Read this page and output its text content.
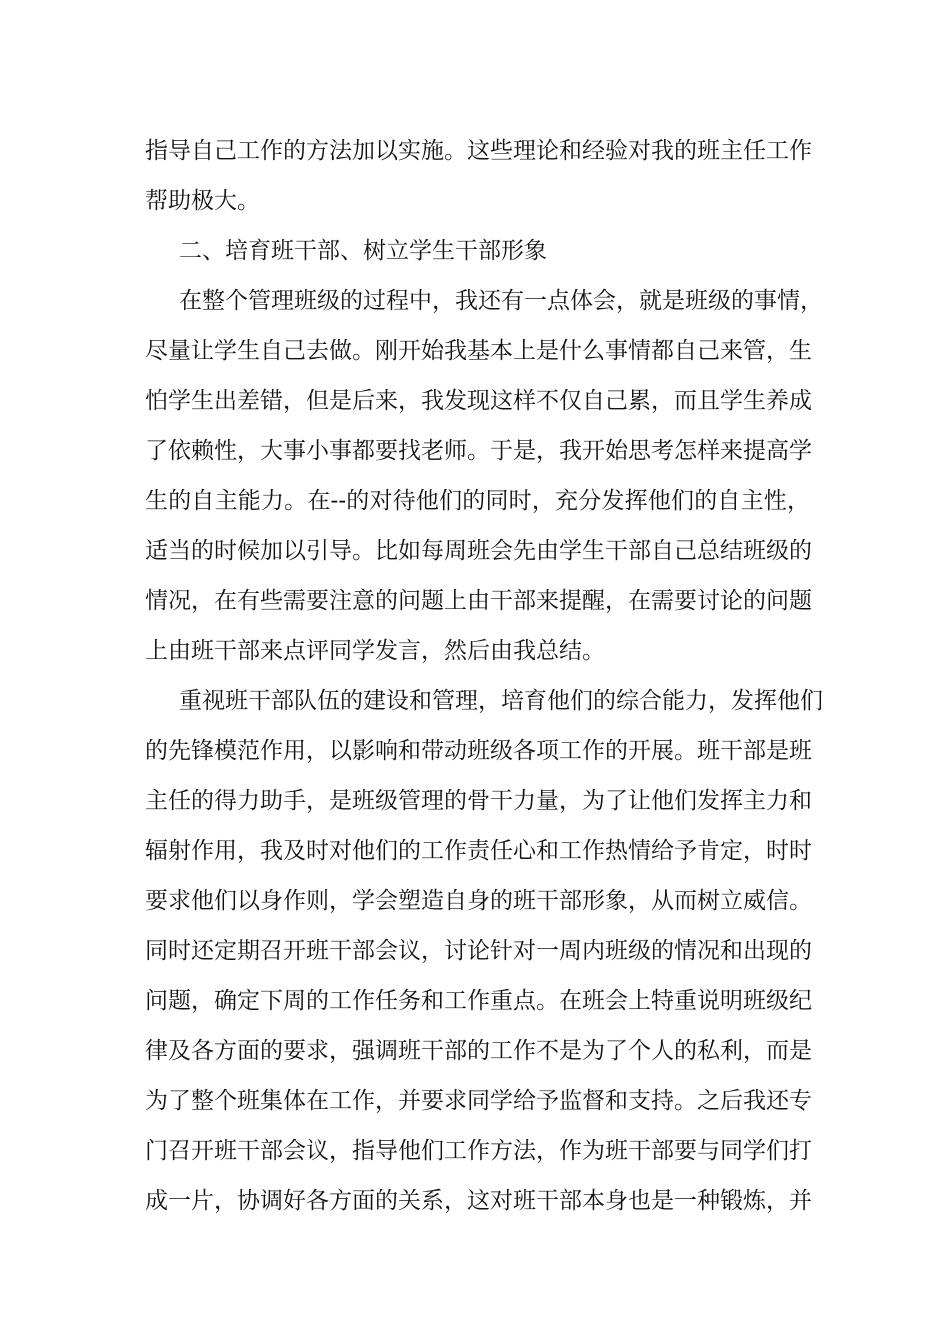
指导自己工作的方法加以实施。这些理论和经验对我的班主任工作
帮助极大。
二、培育班干部、树立学生干部形象
在整个管理班级的过程中，我还有一点体会，就是班级的事情，
尽量让学生自己去做。刚开始我基本上是什么事情都自己来管，生
怕学生出差错，但是后来，我发现这样不仅自己累，而且学生养成
了依赖性，大事小事都要找老师。于是，我开始思考怎样来提高学
生的自主能力。在--的对待他们的同时，充分发挥他们的自主性，
适当的时候加以引导。比如每周班会先由学生干部自己总结班级的
情况，在有些需要注意的问题上由干部来提醒，在需要讨论的问题
上由班干部来点评同学发言，然后由我总结。
重视班干部队伍的建设和管理，培育他们的综合能力，发挥他们
的先锋模范作用，以影响和带动班级各项工作的开展。班干部是班
主任的得力助手，是班级管理的骨干力量，为了让他们发挥主力和
辐射作用，我及时对他们的工作责任心和工作热情给予肯定，时时
要求他们以身作则，学会塑造自身的班干部形象，从而树立威信。
同时还定期召开班干部会议，讨论针对一周内班级的情况和出现的
问题，确定下周的工作任务和工作重点。在班会上特重说明班级纪
律及各方面的要求，强调班干部的工作不是为了个人的私利，而是
为了整个班集体在工作，并要求同学给予监督和支持。之后我还专
门召开班干部会议，指导他们工作方法，作为班干部要与同学们打
成一片，协调好各方面的关系，这对班干部本身也是一种锻炼，并
